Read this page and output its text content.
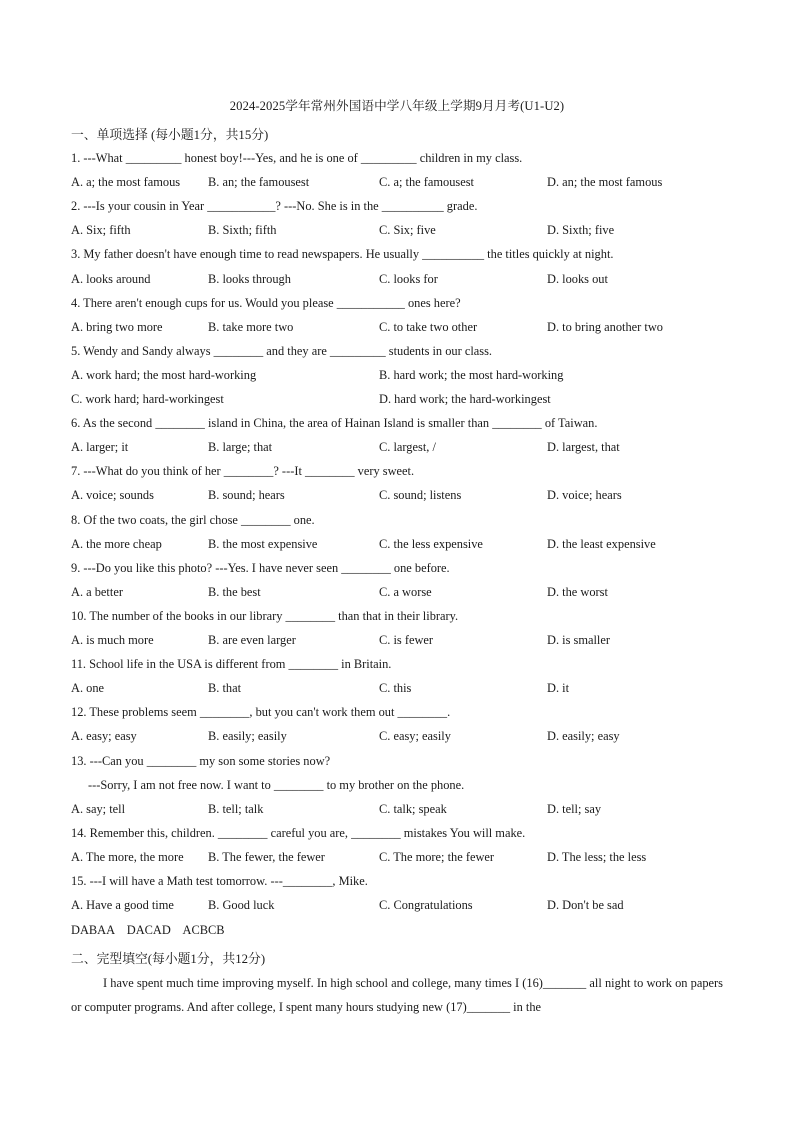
2024-2025学年常州外国语中学八年级上学期9月月考(U1-U2)
一、单项选择 (每小题1分，共15分)
1. ---What _________ honest boy!---Yes, and he is one of _________ children in my class.
A. a; the most famous B. an; the famousest	C. a; the famousest	D. an; the most famous
2. ---Is your cousin in Year ___________? ---No. She is in the __________ grade.
A. Six; fifth	B. Sixth; fifth	C. Six; five	D. Sixth; five
3. My father doesn't have enough time to read newspapers. He usually __________ the titles quickly at night.
A. looks around	B. looks through	C. looks for	D. looks out
4. There aren't enough cups for us. Would you please ___________ ones here?
A. bring two more	B. take more two	C. to take two other	D. to bring another two
5. Wendy and Sandy always ________ and they are _________ students in our class.
A. work hard; the most hard-working	B. hard work; the most hard-working
C. work hard; hard-workingest	D. hard work; the hard-workingest
6. As the second ________ island in China, the area of Hainan Island is smaller than ________ of Taiwan.
A. larger; it	B. large; that	C. largest, /	D. largest, that
7. ---What do you think of her ________? ---It ________ very sweet.
A. voice; sounds	B. sound; hears	C. sound; listens	D. voice; hears
8. Of the two coats, the girl chose ________ one.
A. the more cheap	B. the most expensive	C. the less expensive	D. the least expensive
9. ---Do you like this photo? ---Yes. I have never seen ________ one before.
A. a better	B. the best	C. a worse	D. the worst
10. The number of the books in our library ________ than that in their library.
A. is much more	B. are even larger	C. is fewer	D. is smaller
11. School life in the USA is different from ________ in Britain.
A. one	B. that	C. this	D. it
12. These problems seem ________, but you can't work them out ________.
A. easy; easy	B. easily; easily	C. easy; easily	D. easily; easy
13. ---Can you ________ my son some stories now?
---Sorry, I am not free now. I want to ________ to my brother on the phone.
A. say; tell	B. tell; talk	C. talk; speak	D. tell; say
14. Remember this, children. ________ careful you are, ________ mistakes You will make.
A. The more, the more B. The fewer, the fewer	C. The more; the fewer	D. The less; the less
15. ---I will have a Math test tomorrow. ---________, Mike.
A. Have a good time	B. Good luck	C. Congratulations	D. Don't be sad
DABAA    DACAD    ACBCB
二、完型填空(每小题1分，共12分)
I have spent much time improving myself. In high school and college, many times I (16)_______ all night to work on papers or computer programs. And after college, I spent many hours studying new (17)_______ in the
